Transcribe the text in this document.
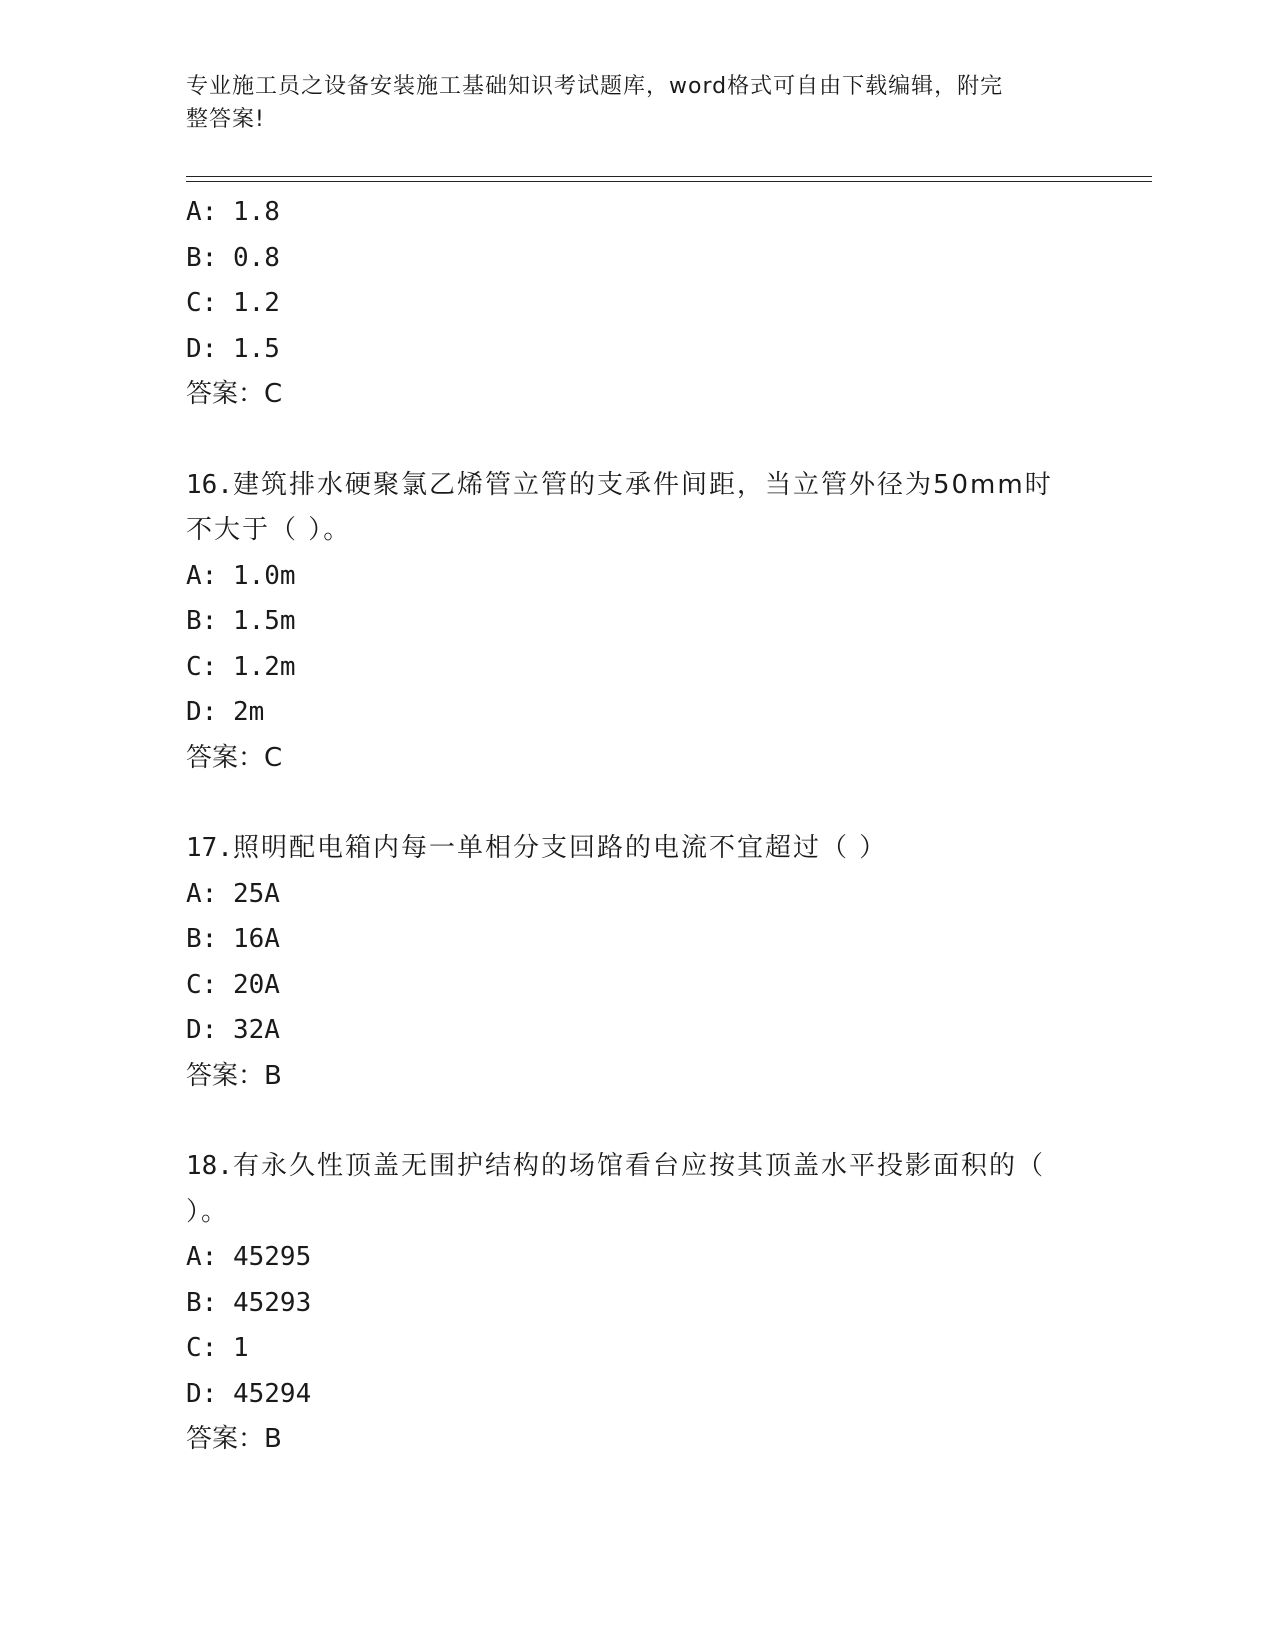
专业施工员之设备安装施工基础知识考试题库，word格式可自由下载编辑，附完
整答案!
A: 1.8
B: 0.8
C: 1.2
D: 1.5
答案：C
16.建筑排水硬聚氯乙烯管立管的支承件间距，当立管外径为50mm时
不大于（ ）。
A: 1.0m
B: 1.5m
C: 1.2m
D: 2m
答案：C
17.照明配电箱内每一单相分支回路的电流不宜超过（ ）
A: 25A
B: 16A
C: 20A
D: 32A
答案：B
18.有永久性顶盖无围护结构的场馆看台应按其顶盖水平投影面积的（
）。
A: 45295
B: 45293
C: 1
D: 45294
答案：B
